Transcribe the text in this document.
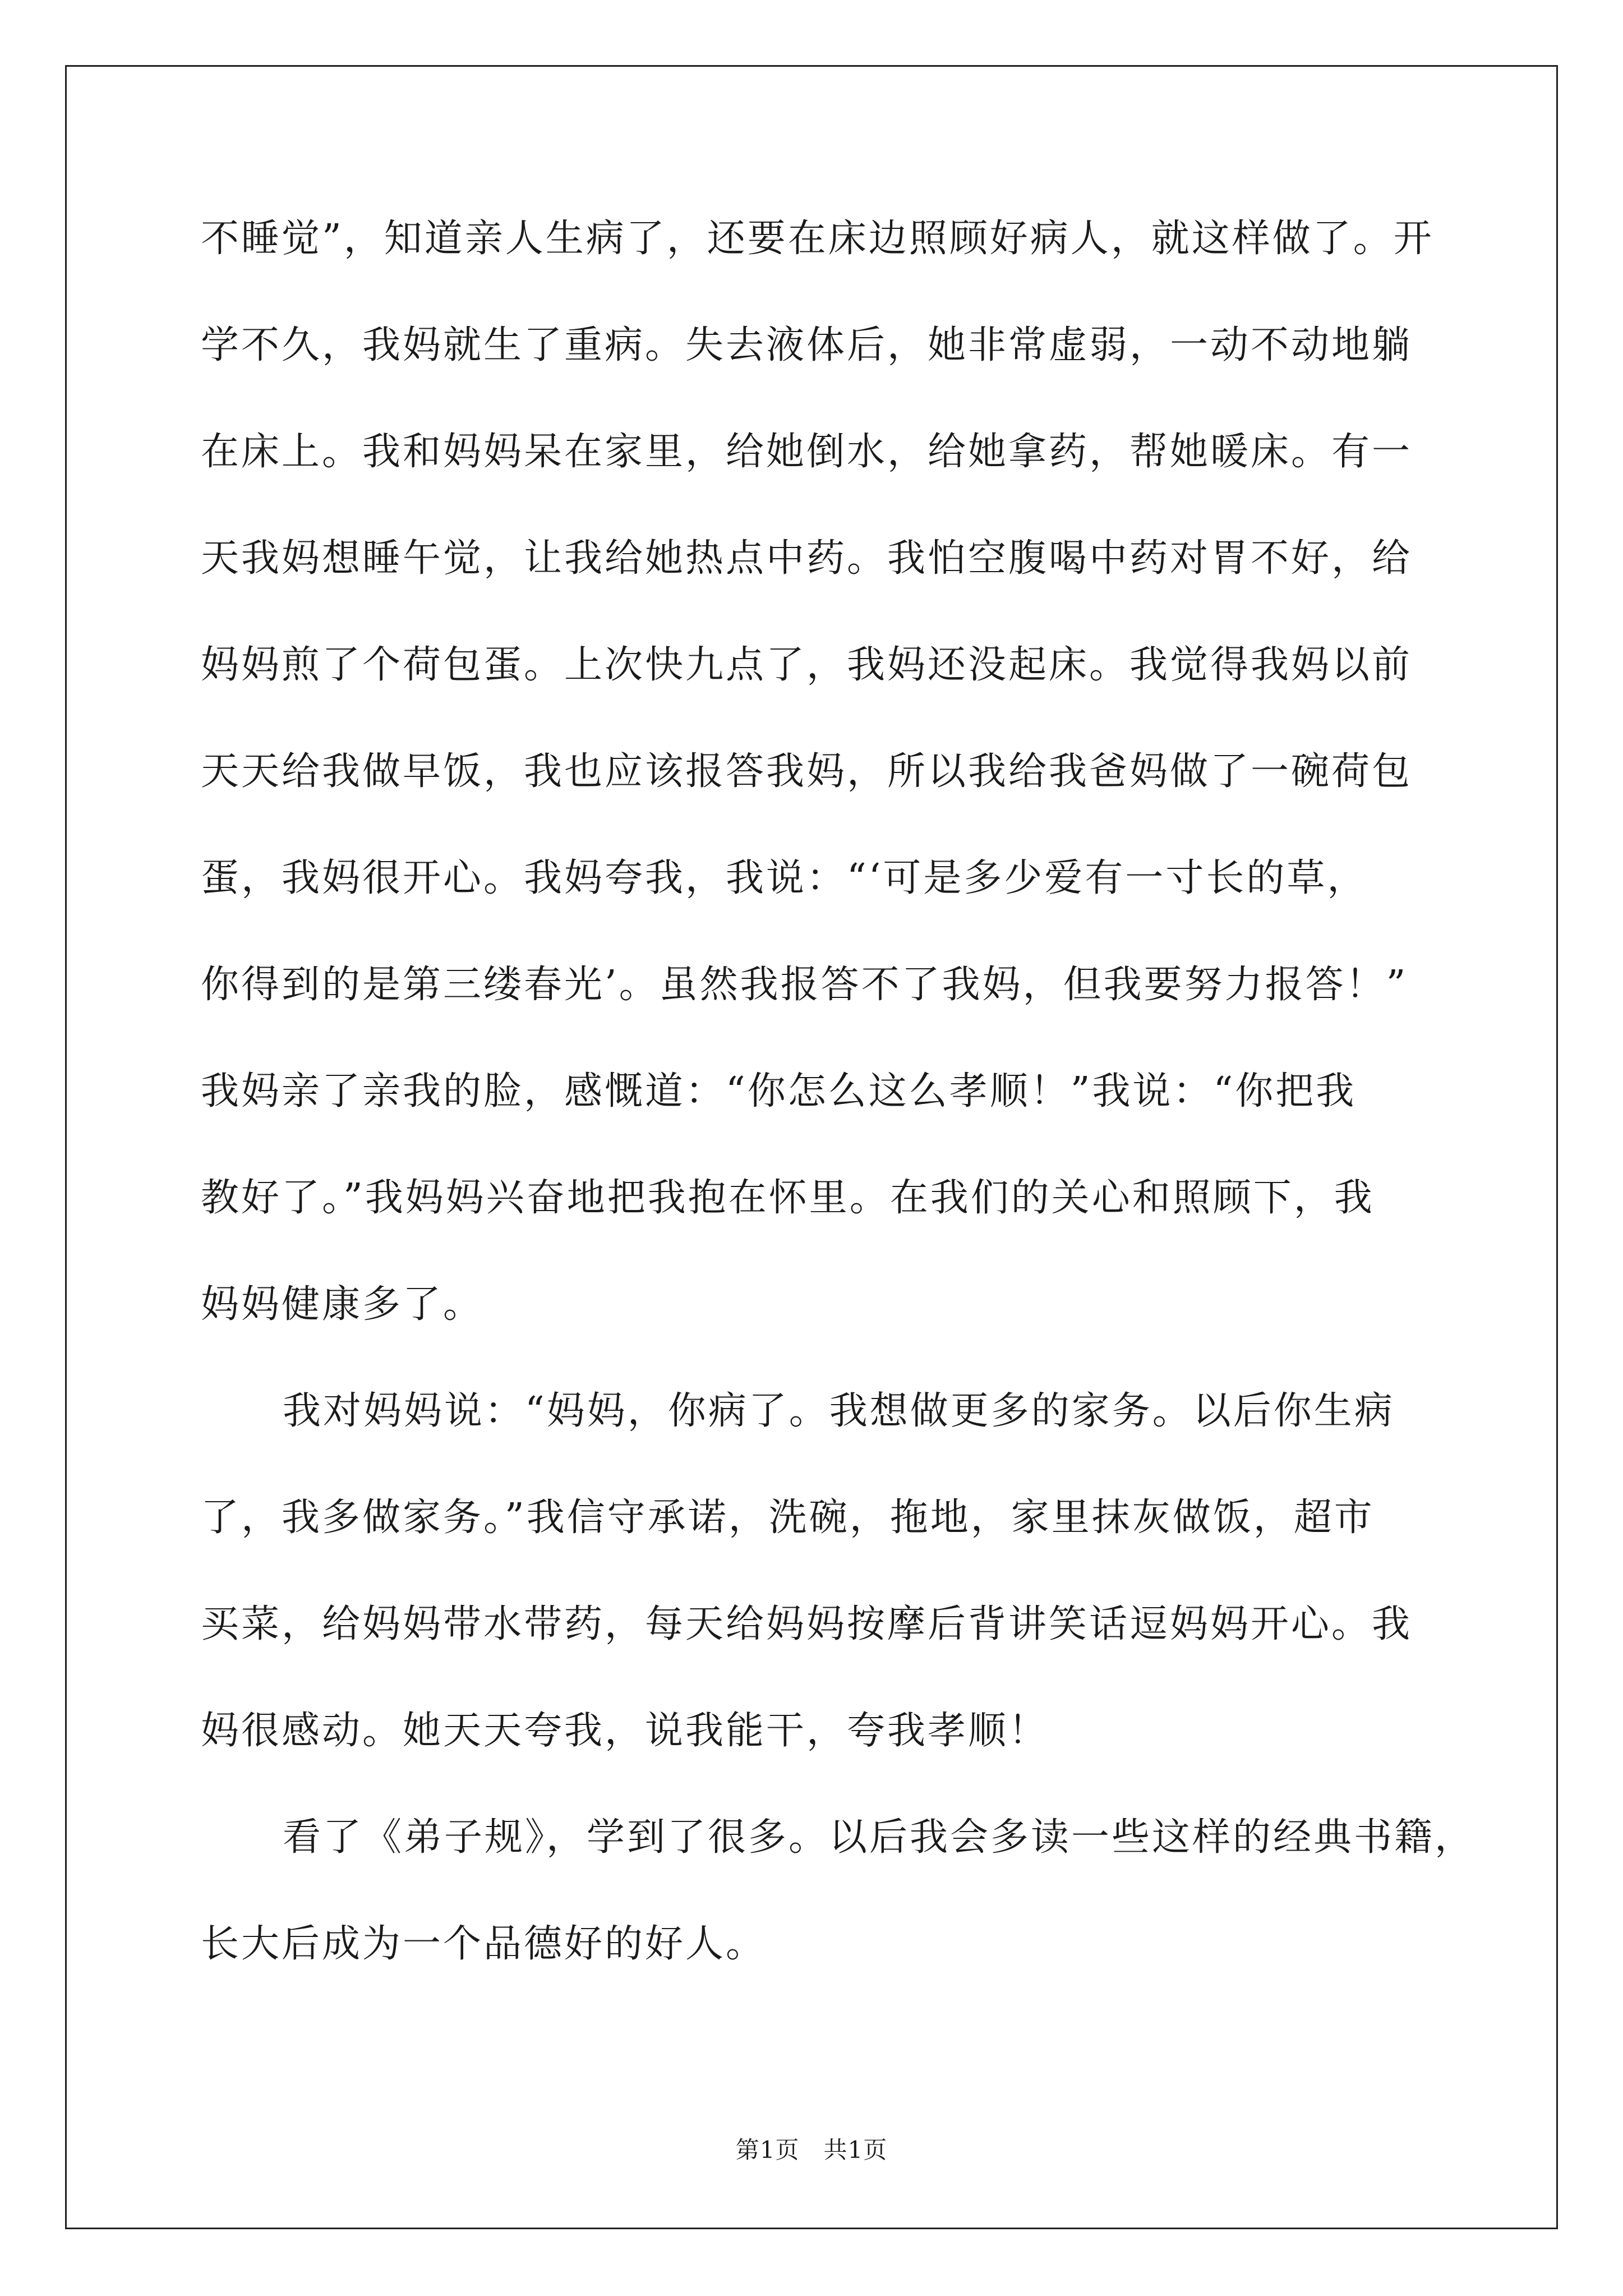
不睡觉”，知道亲人生病了，还要在床边照顾好病人，就这样做了。开
学不久，我妈就生了重病。失去液体后，她非常虚弱，一动不动地躺
在床上。我和妈妈呆在家里，给她倒水，给她拿药，帮她暖床。有一
天我妈想睡午觉，让我给她热点中药。我怕空腹喝中药对胃不好，给
妈妈煎了个荷包蛋。上次快九点了，我妈还没起床。我觉得我妈以前
天天给我做早饭，我也应该报答我妈，所以我给我爸妈做了一碗荷包
蛋，我妈很开心。我妈夸我，我说：“‘可是多少爱有一寸长的草，
你得到的是第三缕春光’。虽然我报答不了我妈，但我要努力报答！”
我妈亲了亲我的脸，感慨道：“你怎么这么孝顺！”我说：“你把我
教好了。”我妈妈兴奋地把我抱在怀里。在我们的关心和照顾下，我
妈妈健康多了。
我对妈妈说：“妈妈，你病了。我想做更多的家务。以后你生病
了，我多做家务。”我信守承诺，洗碗，拖地，家里抹灰做饭，超市
买菜，给妈妈带水带药，每天给妈妈按摩后背讲笑话逗妈妈开心。我
妈很感动。她天天夸我，说我能干，夸我孝顺！
看了《弟子规》，学到了很多。以后我会多读一些这样的经典书籍，
长大后成为一个品德好的好人。
第1页   共1页
